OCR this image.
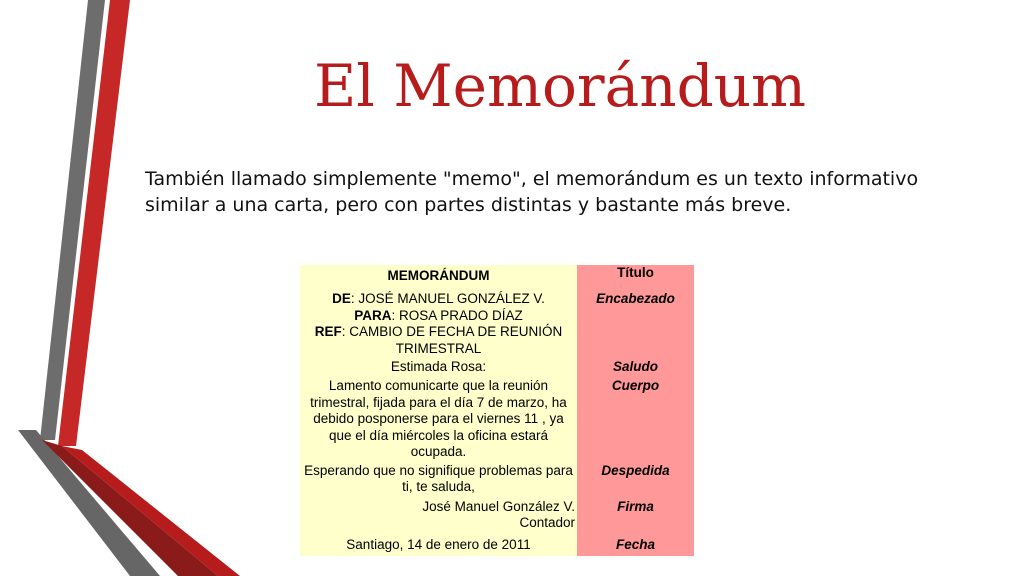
El Memorándum

También llamado simplemente "memo", el memorándum es un texto informativo similar a una carta, pero con partes distintas y bastante más breve.

MEMORÁNDUM	Título

DE: JOSÉ MANUEL GONZÁLEZ V.
PARA: ROSA PRADO DÍAZ
REF: CAMBIO DE FECHA DE REUNIÓN TRIMESTRAL	Encabezado
Estimada Rosa:	Saludo
Lamento comunicarte que la reunión trimestral, fijada para el día 7 de marzo, ha debido posponerse para el viernes 11 , ya que el día miércoles la oficina estará ocupada.	Cuerpo
Esperando que no signifique problemas para ti, te saluda,	Despedida

José Manuel González V.
Contador	Firma
Santiago, 14 de enero de 2011	Fecha
